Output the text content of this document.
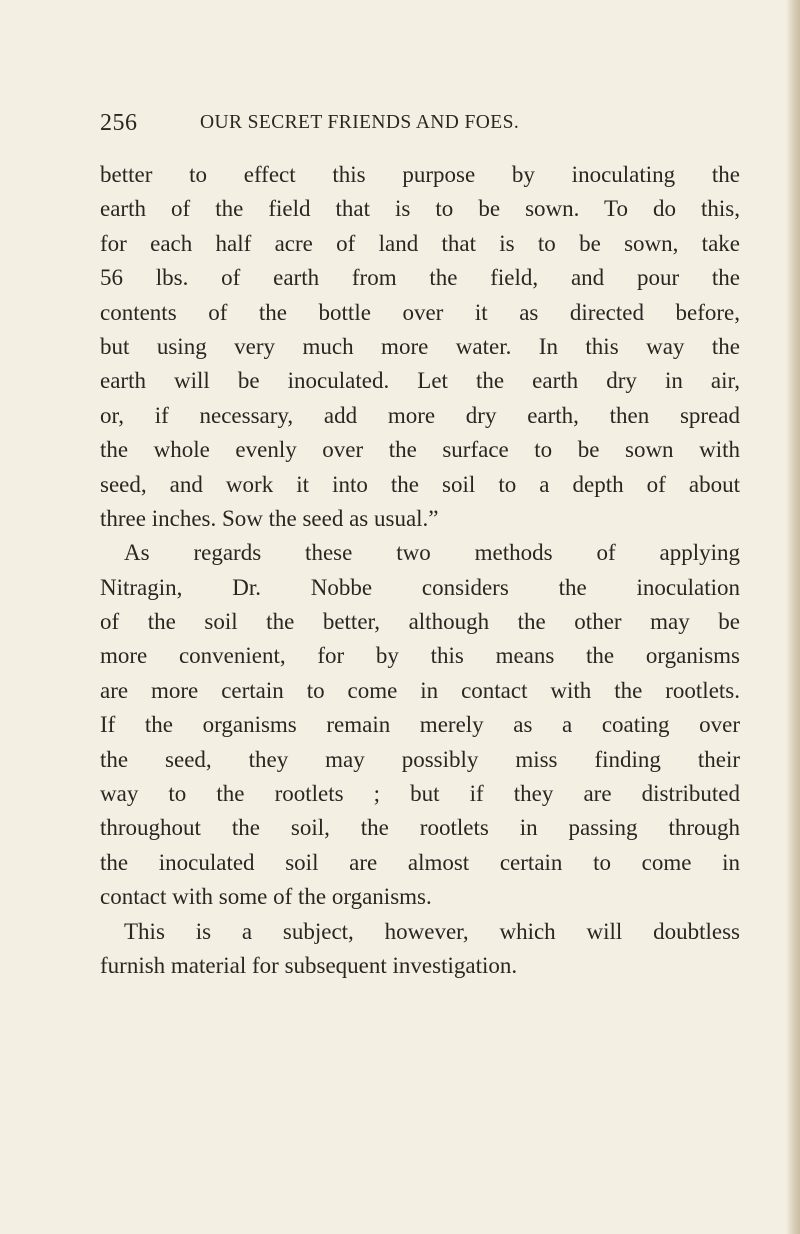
256	OUR SECRET FRIENDS AND FOES.
better to effect this purpose by inoculating the
earth of the field that is to be sown. To do this,
for each half acre of land that is to be sown, take
56 lbs. of earth from the field, and pour the
contents of the bottle over it as directed before,
but using very much more water. In this way the
earth will be inoculated. Let the earth dry in air,
or, if necessary, add more dry earth, then spread
the whole evenly over the surface to be sown with
seed, and work it into the soil to a depth of about
three inches. Sow the seed as usual.”
As regards these two methods of applying
Nitragin, Dr. Nobbe considers the inoculation
of the soil the better, although the other may be
more convenient, for by this means the organisms
are more certain to come in contact with the rootlets.
If the organisms remain merely as a coating over
the seed, they may possibly miss finding their
way to the rootlets ; but if they are distributed
throughout the soil, the rootlets in passing through
the inoculated soil are almost certain to come in
contact with some of the organisms.
This is a subject, however, which will doubtless
furnish material for subsequent investigation.
